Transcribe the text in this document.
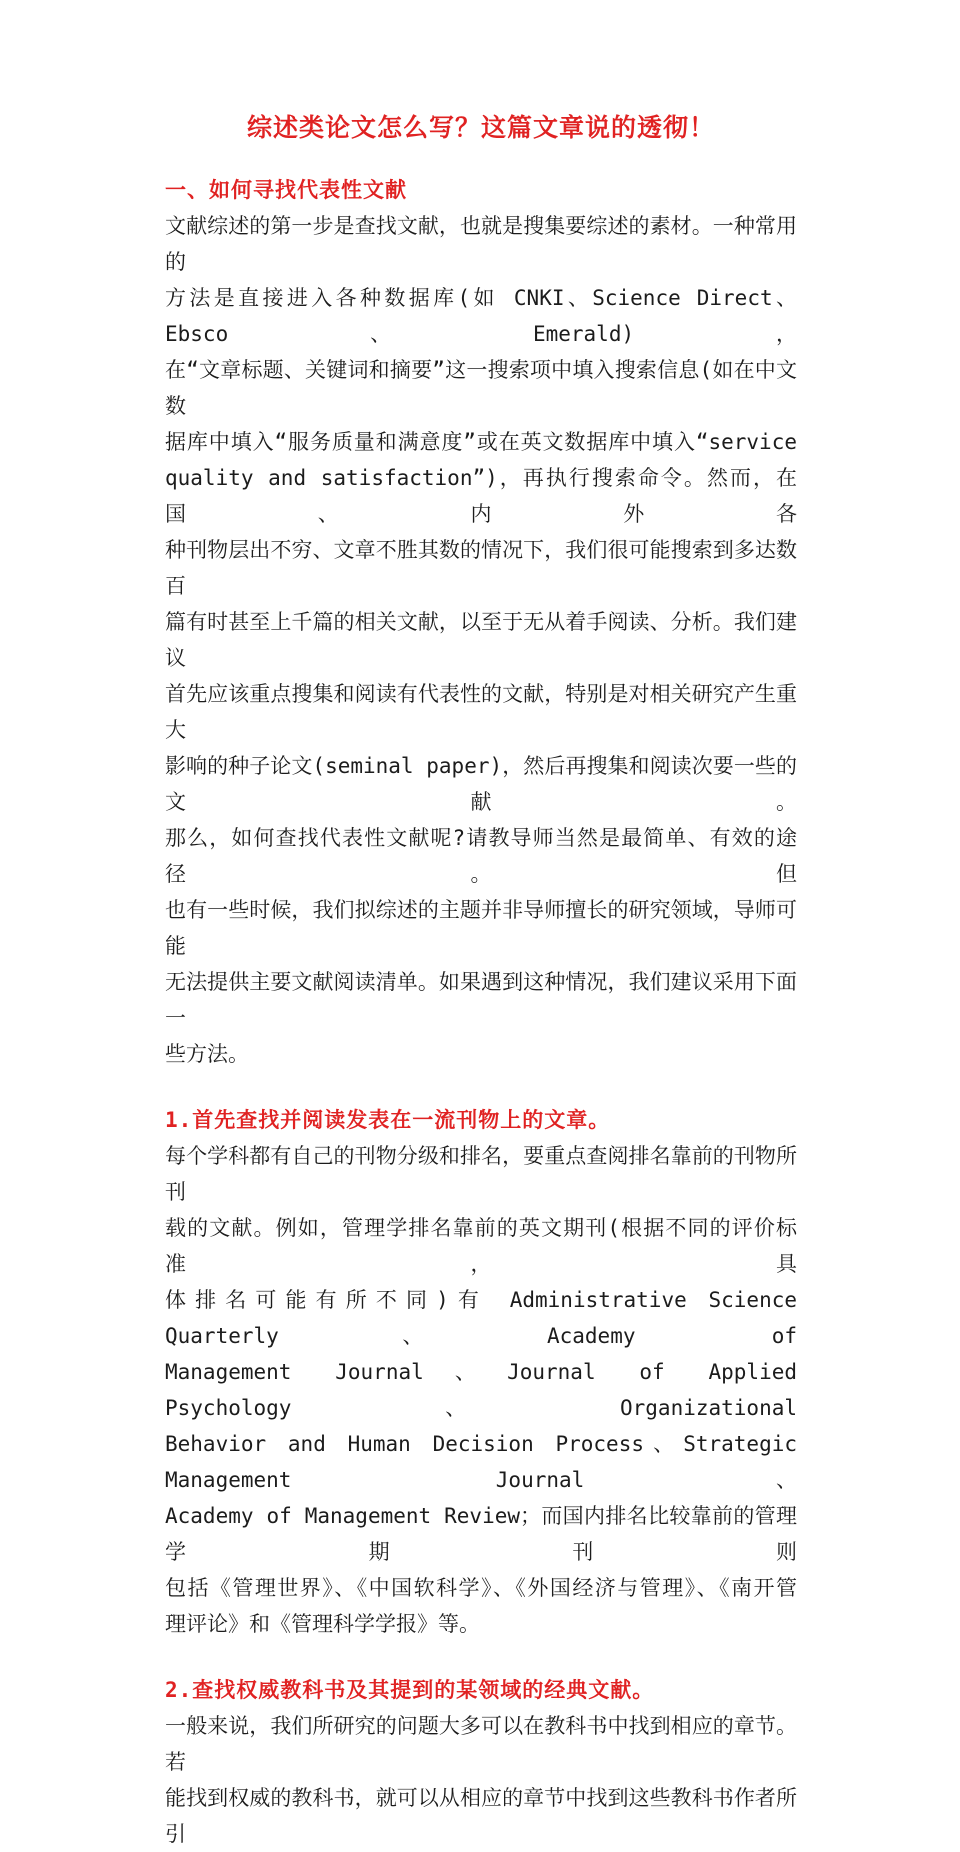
综述类论文怎么写？这篇文章说的透彻！
一、如何寻找代表性文献
文献综述的第一步是查找文献，也就是搜集要综述的素材。一种常用的
方法是直接进入各种数据库(如 CNKI、Science Direct、Ebsco、Emerald)，
在“文章标题、关键词和摘要”这一搜索项中填入搜索信息(如在中文数
据库中填入“服务质量和满意度”或在英文数据库中填入“service
quality and satisfaction”)，再执行搜索命令。然而，在国、内外各
种刊物层出不穷、文章不胜其数的情况下，我们很可能搜索到多达数百
篇有时甚至上千篇的相关文献，以至于无从着手阅读、分析。我们建议
首先应该重点搜集和阅读有代表性的文献，特别是对相关研究产生重大
影响的种子论文(seminal paper)，然后再搜集和阅读次要一些的文献。
那么，如何查找代表性文献呢?请教导师当然是最简单、有效的途径。但
也有一些时候，我们拟综述的主题并非导师擅长的研究领域，导师可能
无法提供主要文献阅读清单。如果遇到这种情况，我们建议采用下面一
些方法。
1.首先查找并阅读发表在一流刊物上的文章。
每个学科都有自己的刊物分级和排名，要重点查阅排名靠前的刊物所刊
载的文献。例如，管理学排名靠前的英文期刊(根据不同的评价标准，具
体排名可能有所不同)有 Administrative Science Quarterly、Academy of
Management Journal、Journal of Applied Psychology、Organizational
Behavior and Human Decision Process、Strategic Management Journal、
Academy of Management Review；而国内排名比较靠前的管理学期刊则
包括《管理世界》、《中国软科学》、《外国经济与管理》、《南开管
理评论》和《管理科学学报》等。
2.查找权威教科书及其提到的某领域的经典文献。
一般来说，我们所研究的问题大多可以在教科书中找到相应的章节。若
能找到权威的教科书，就可以从相应的章节中找到这些教科书作者所引
